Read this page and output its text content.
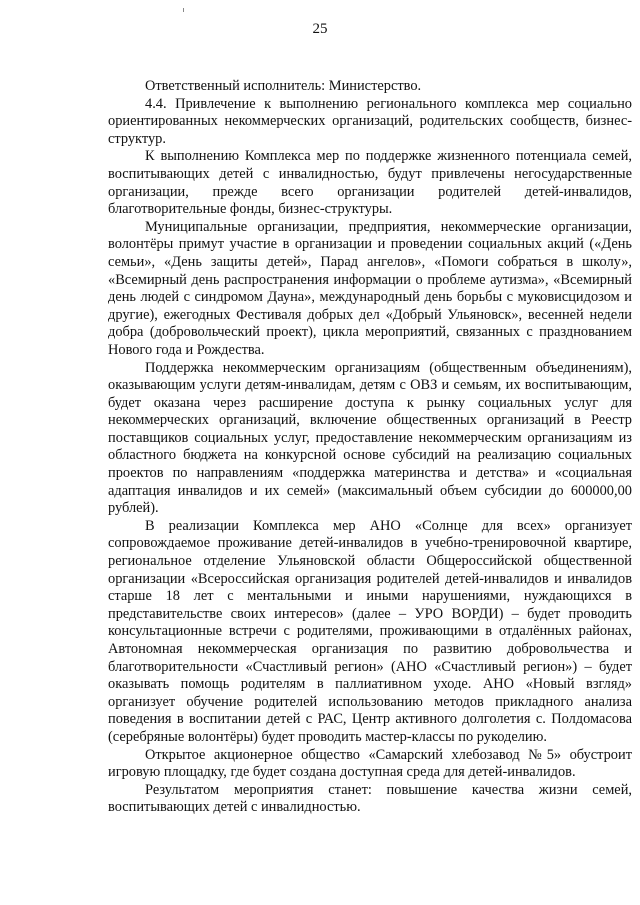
25

Ответственный исполнитель: Министерство.

4.4. Привлечение к выполнению регионального комплекса мер социально ориентированных некоммерческих организаций, родительских сообществ, бизнес-структур.

К выполнению Комплекса мер по поддержке жизненного потенциала семей, воспитывающих детей с инвалидностью, будут привлечены негосударственные организации, прежде всего организации родителей детей-инвалидов, благотворительные фонды, бизнес-структуры.

Муниципальные организации, предприятия, некоммерческие организации, волонтёры примут участие в организации и проведении социальных акций («День семьи», «День защиты детей», Парад ангелов», «Помоги собраться в школу», «Всемирный день распространения информации о проблеме аутизма», «Всемирный день людей с синдромом Дауна», международный день борьбы с муковисцидозом и другие), ежегодных Фестиваля добрых дел «Добрый Ульяновск», весенней недели добра (добровольческий проект), цикла мероприятий, связанных с празднованием Нового года и Рождества.

Поддержка некоммерческим организациям (общественным объединениям), оказывающим услуги детям-инвалидам, детям с ОВЗ и семьям, их воспитывающим, будет оказана через расширение доступа к рынку социальных услуг для некоммерческих организаций, включение общественных организаций в Реестр поставщиков социальных услуг, предоставление некоммерческим организациям из областного бюджета на конкурсной основе субсидий на реализацию социальных проектов по направлениям «поддержка материнства и детства» и «социальная адаптация инвалидов и их семей» (максимальный объем субсидии до 600000,00 рублей).

В реализации Комплекса мер АНО «Солнце для всех» организует сопровождаемое проживание детей-инвалидов в учебно-тренировочной квартире, региональное отделение Ульяновской области Общероссийской общественной организации «Всероссийская организация родителей детей-инвалидов и инвалидов старше 18 лет с ментальными и иными нарушениями, нуждающихся в представительстве своих интересов» (далее – УРО ВОРДИ) – будет проводить консультационные встречи с родителями, проживающими в отдалённых районах, Автономная некоммерческая организация по развитию добровольчества и благотворительности «Счастливый регион» (АНО «Счастливый регион») – будет оказывать помощь родителям в паллиативном уходе. АНО «Новый взгляд» организует обучение родителей использованию методов прикладного анализа поведения в воспитании детей с РАС, Центр активного долголетия с. Полдомасова (серебряные волонтёры) будет проводить мастер-классы по рукоделию.

Открытое акционерное общество «Самарский хлебозавод №5» обустроит игровую площадку, где будет создана доступная среда для детей-инвалидов.

Результатом мероприятия станет: повышение качества жизни семей, воспитывающих детей с инвалидностью.
